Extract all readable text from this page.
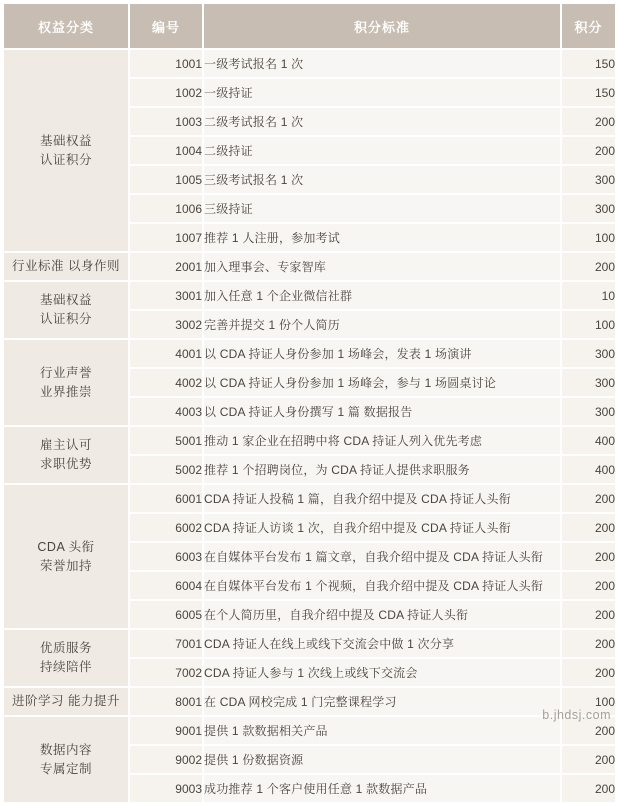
权益分类	编号	积分标准	积分

基础权益
认证积分	1001	一级考试报名 1 次	150
	1002	一级持证	150
	1003	二级考试报名 1 次	200
	1004	二级持证	200
	1005	三级考试报名 1 次	300
	1006	三级持证	300
	1007	推荐 1 人注册，参加考试	100

行业标准 以身作则	2001	加入理事会、专家智库	200

基础权益
认证积分	3001	加入任意 1 个企业微信社群	10
	3002	完善并提交 1 份个人简历	100

行业声誉
业界推崇	4001	以 CDA 持证人身份参加 1 场峰会，发表 1 场演讲	300
	4002	以 CDA 持证人身份参加 1 场峰会，参与 1 场圆桌讨论	300
	4003	以 CDA 持证人身份撰写 1 篇 数据报告	300

雇主认可
求职优势	5001	推动 1 家企业在招聘中将 CDA 持证人列入优先考虑	400
	5002	推荐 1 个招聘岗位，为 CDA 持证人提供求职服务	400

CDA 头衔
荣誉加持	6001	CDA 持证人投稿 1 篇，自我介绍中提及 CDA 持证人头衔	200
	6002	CDA 持证人访谈 1 次，自我介绍中提及 CDA 持证人头衔	200
	6003	在自媒体平台发布 1 篇文章，自我介绍中提及 CDA 持证人头衔	200
	6004	在自媒体平台发布 1 个视频，自我介绍中提及 CDA 持证人头衔	200
	6005	在个人简历里，自我介绍中提及 CDA 持证人头衔	200

优质服务
持续陪伴	7001	CDA 持证人在线上或线下交流会中做 1 次分享	200
	7002	CDA 持证人参与 1 次线上或线下交流会	200

进阶学习 能力提升	8001	在 CDA 网校完成 1 门完整课程学习	100

数据内容
专属定制	9001	提供 1 款数据相关产品	200
	9002	提供 1 份数据资源	200
	9003	成功推荐 1 个客户使用任意 1 款数据产品	200
b.jhdsj.com
